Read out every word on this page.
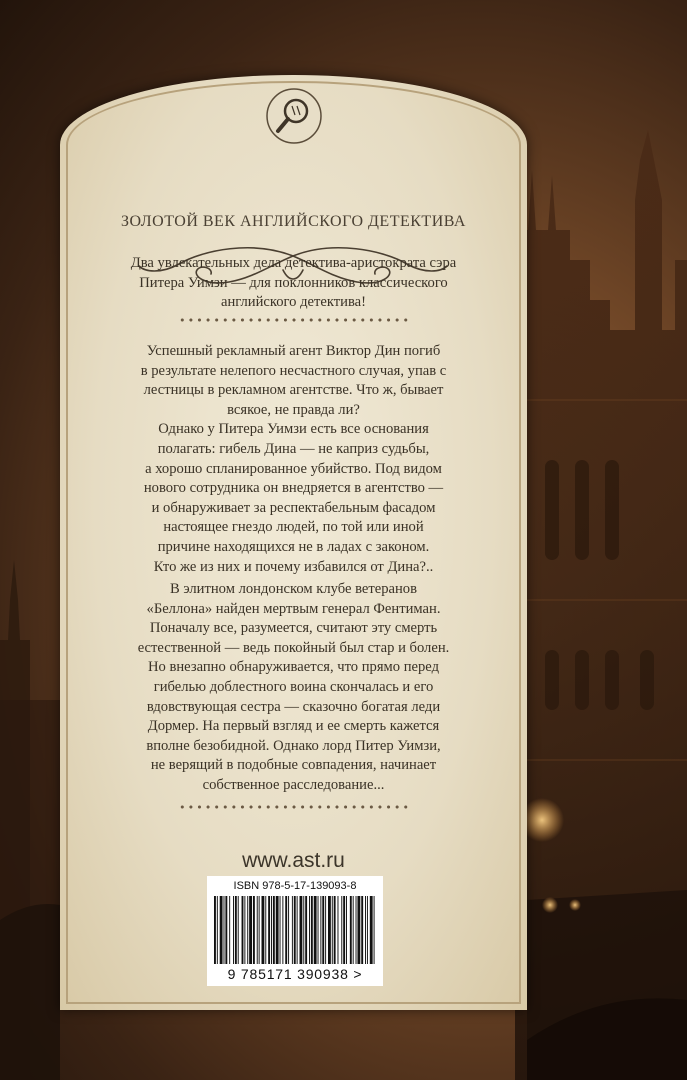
ЗОЛОТОЙ ВЕК АНГЛИЙСКОГО ДЕТЕКТИВА
Два увлекательных дела детектива-аристократа сэра
Питера Уимзи — для поклонников классического
английского детектива!
Успешный рекламный агент Виктор Дин погиб
в результате нелепого несчастного случая, упав с
лестницы в рекламном агентстве. Что ж, бывает
всякое, не правда ли?
Однако у Питера Уимзи есть все основания
полагать: гибель Дина — не каприз судьбы,
а хорошо спланированное убийство. Под видом
нового сотрудника он внедряется в агентство —
и обнаруживает за респектабельным фасадом
настоящее гнездо людей, по той или иной
причине находящихся не в ладах с законом.
Кто же из них и почему избавился от Дина?..
В элитном лондонском клубе ветеранов
«Беллона» найден мертвым генерал Фентиман.
Поначалу все, разумеется, считают эту смерть
естественной — ведь покойный был стар и болен.
Но внезапно обнаруживается, что прямо перед
гибелью доблестного воина скончалась и его
вдовствующая сестра — сказочно богатая леди
Дормер. На первый взгляд и ее смерть кажется
вполне безобидной. Однако лорд Питер Уимзи,
не верящий в подобные совпадения, начинает
собственное расследование...
www.ast.ru
ISBN 978-5-17-139093-8
9 785171 390938 >
